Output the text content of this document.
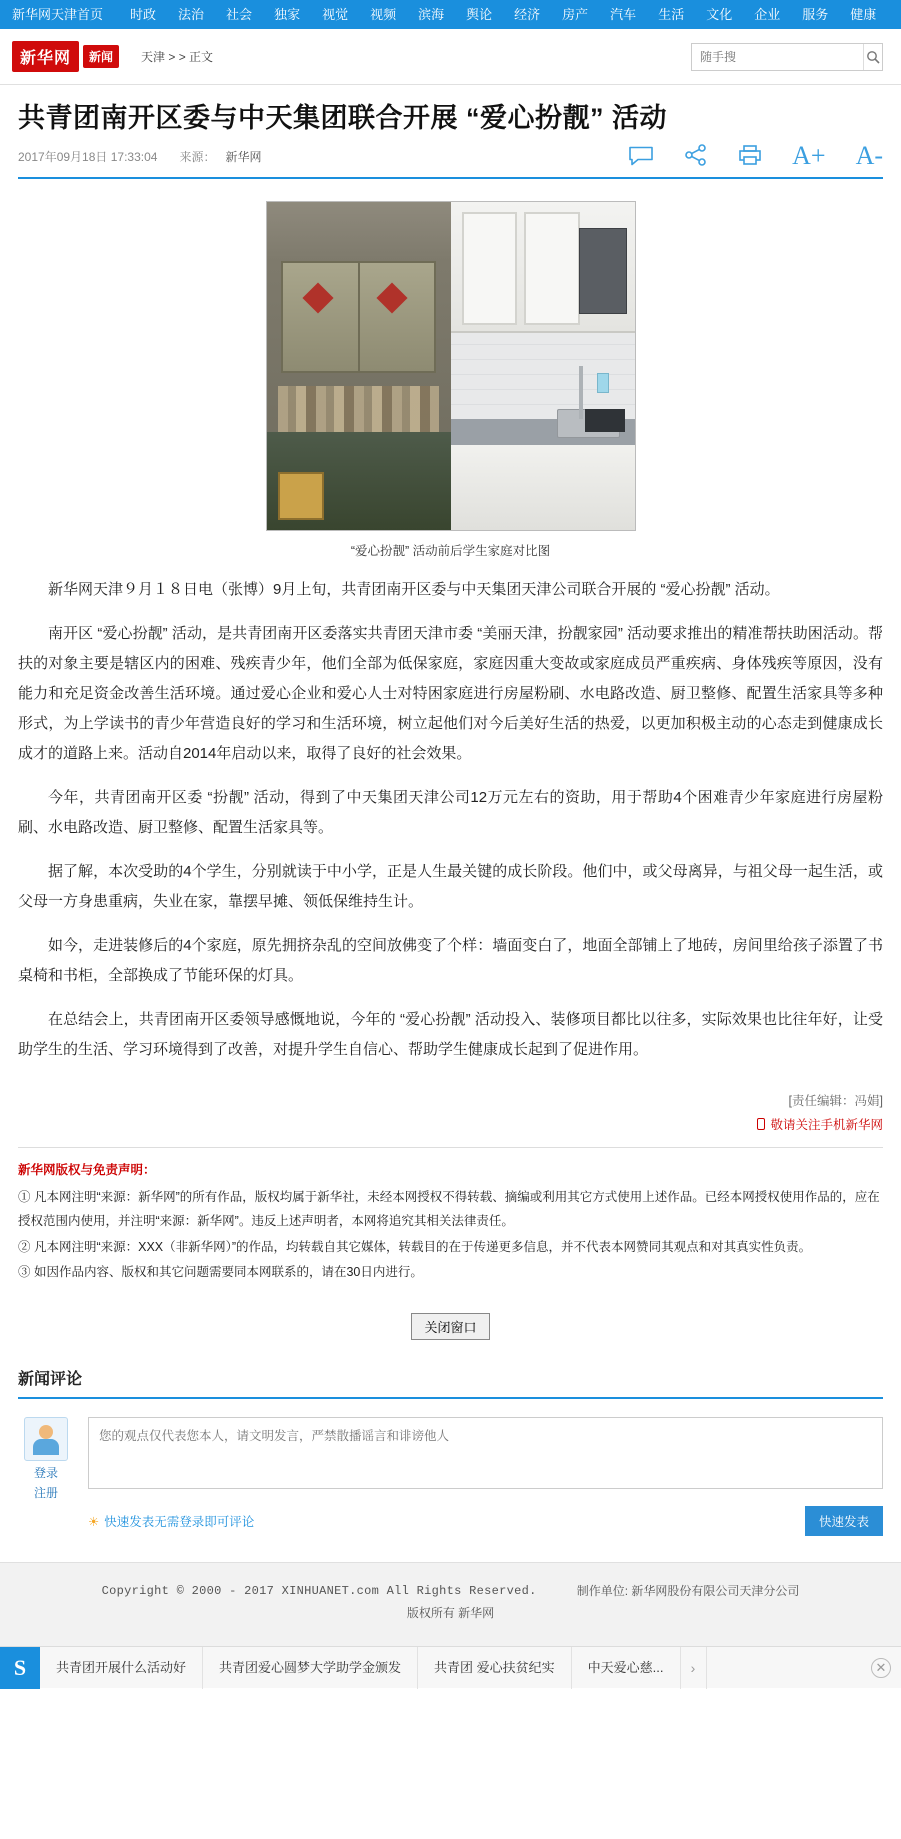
新华网天津首页	时政	法治	社会	独家	视觉	视频	滨海	舆论	经济	房产	汽车	生活	文化	企业	服务	健康
新华网	新闻	天津 > > 正文
随手搜
共青团南开区委与中天集团联合开展 “爱心扮靓” 活动
2017年09月18日 17:33:04 来源： 新华网	A+ A-
“爱心扮靓” 活动前后学生家庭对比图

新华网天津９月１８日电（张博）9月上旬，共青团南开区委与中天集团天津公司联合开展的 “爱心扮靓” 活动。

南开区 “爱心扮靓” 活动，是共青团南开区委落实共青团天津市委 “美丽天津，扮靓家园” 活动要求推出的精准帮扶助困活动。帮扶的对象主要是辖区内的困难、残疾青少年，他们全部为低保家庭，家庭因重大变故或家庭成员严重疾病、身体残疾等原因，没有能力和充足资金改善生活环境。通过爱心企业和爱心人士对特困家庭进行房屋粉刷、水电路改造、厨卫整修、配置生活家具等多种形式，为上学读书的青少年营造良好的学习和生活环境，树立起他们对今后美好生活的热爱，以更加积极主动的心态走到健康成长成才的道路上来。活动自2014年启动以来，取得了良好的社会效果。

今年，共青团南开区委 “扮靓” 活动，得到了中天集团天津公司12万元左右的资助，用于帮助4个困难青少年家庭进行房屋粉刷、水电路改造、厨卫整修、配置生活家具等。

据了解，本次受助的4个学生，分别就读于中小学，正是人生最关键的成长阶段。他们中，或父母离异，与祖父母一起生活，或父母一方身患重病，失业在家，靠摆早摊、领低保维持生计。

如今，走进装修后的4个家庭，原先拥挤杂乱的空间放佛变了个样：墙面变白了，地面全部铺上了地砖，房间里给孩子添置了书桌椅和书柜，全部换成了节能环保的灯具。

在总结会上，共青团南开区委领导感慨地说，今年的 “爱心扮靓” 活动投入、装修项目都比以往多，实际效果也比往年好，让受助学生的生活、学习环境得到了改善，对提升学生自信心、帮助学生健康成长起到了促进作用。

[责任编辑：冯娟]
敬请关注手机新华网
新华网版权与免责声明：

① 凡本网注明“来源：新华网”的所有作品，版权均属于新华社，未经本网授权不得转载、摘编或利用其它方式使用上述作品。已经本网授权使用作品的，应在授权范围内使用，并注明“来源：新华网”。违反上述声明者，本网将追究其相关法律责任。

② 凡本网注明“来源：XXX（非新华网）”的作品，均转载自其它媒体，转载目的在于传递更多信息，并不代表本网赞同其观点和对其真实性负责。

③ 如因作品内容、版权和其它问题需要同本网联系的，请在30日内进行。

关闭窗口
新闻评论
登录
注册
您的观点仅代表您本人，请文明发言，严禁散播谣言和诽谤他人
☀ 快速发表无需登录即可评论	快速发表
Copyright © 2000 - 2017 XINHUANET.com All Rights Reserved.	制作单位: 新华网股份有限公司天津分公司
版权所有 新华网
S	共青团开展什么活动好	共青团爱心圆梦大学助学金颁发	共青团 爱心扶贫纪实	中天爱心慈...	›	✕
